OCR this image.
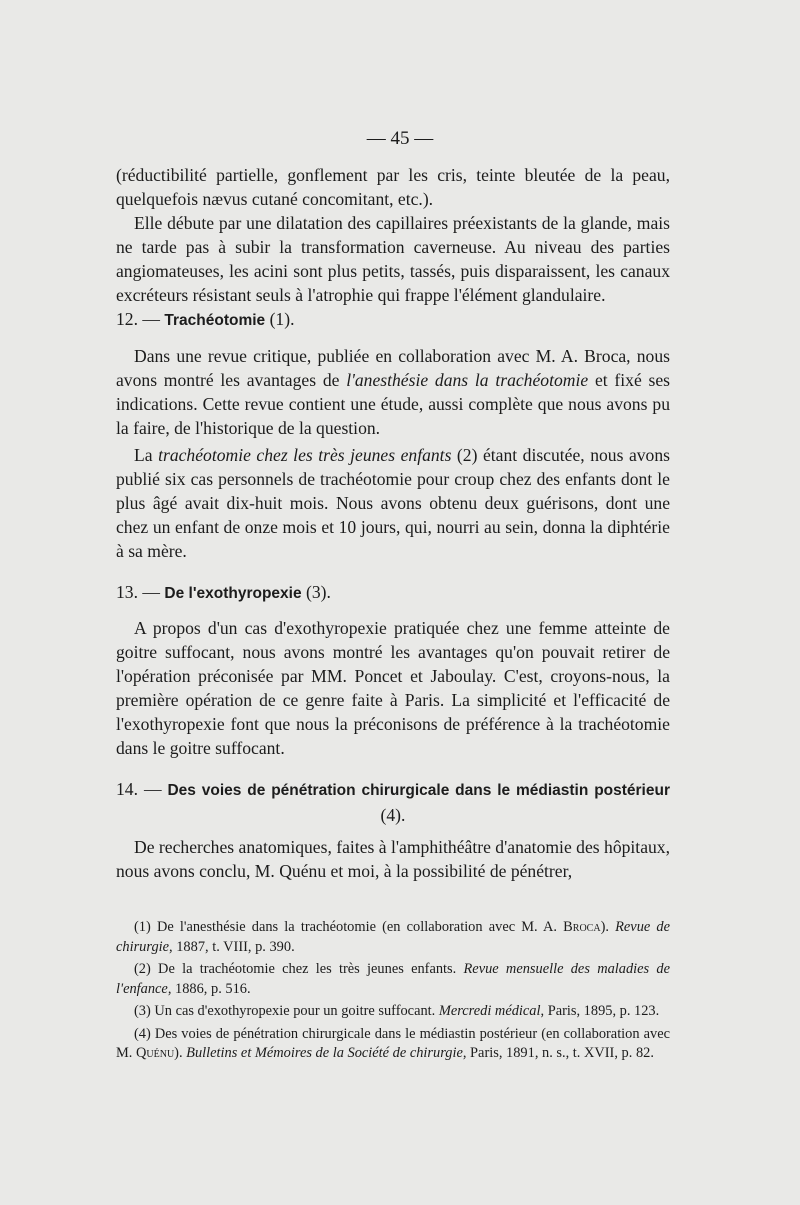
— 45 —

(réductibilité partielle, gonflement par les cris, teinte bleutée de la peau, quelquefois nævus cutané concomitant, etc.).

Elle débute par une dilatation des capillaires préexistants de la glande, mais ne tarde pas à subir la transformation caverneuse. Au niveau des parties angiomateuses, les acini sont plus petits, tassés, puis disparaissent, les canaux excréteurs résistant seuls à l'atrophie qui frappe l'élément glandulaire.

12. — Trachéotomie (1).

Dans une revue critique, publiée en collaboration avec M. A. Broca, nous avons montré les avantages de l'anesthésie dans la trachéotomie et fixé ses indications. Cette revue contient une étude, aussi complète que nous avons pu la faire, de l'historique de la question.

La trachéotomie chez les très jeunes enfants (2) étant discutée, nous avons publié six cas personnels de trachéotomie pour croup chez des enfants dont le plus âgé avait dix-huit mois. Nous avons obtenu deux guérisons, dont une chez un enfant de onze mois et 10 jours, qui, nourri au sein, donna la diphtérie à sa mère.

13. — De l'exothyropexie (3).

A propos d'un cas d'exothyropexie pratiquée chez une femme atteinte de goitre suffocant, nous avons montré les avantages qu'on pouvait retirer de l'opération préconisée par MM. Poncet et Jaboulay. C'est, croyons-nous, la première opération de ce genre faite à Paris. La simplicité et l'efficacité de l'exothyropexie font que nous la préconisons de préférence à la trachéotomie dans le goitre suffocant.

14. — Des voies de pénétration chirurgicale dans le médiastin postérieur (4).

De recherches anatomiques, faites à l'amphithéâtre d'anatomie des hôpitaux, nous avons conclu, M. Quénu et moi, à la possibilité de pénétrer,

(1) De l'anesthésie dans la trachéotomie (en collaboration avec M. A. Broca). Revue de chirurgie, 1887, t. VIII, p. 390.

(2) De la trachéotomie chez les très jeunes enfants. Revue mensuelle des maladies de l'enfance, 1886, p. 516.

(3) Un cas d'exothyropexie pour un goitre suffocant. Mercredi médical, Paris, 1895, p. 123.

(4) Des voies de pénétration chirurgicale dans le médiastin postérieur (en collaboration avec M. Quénu). Bulletins et Mémoires de la Société de chirurgie, Paris, 1891, n. s., t. XVII, p. 82.
